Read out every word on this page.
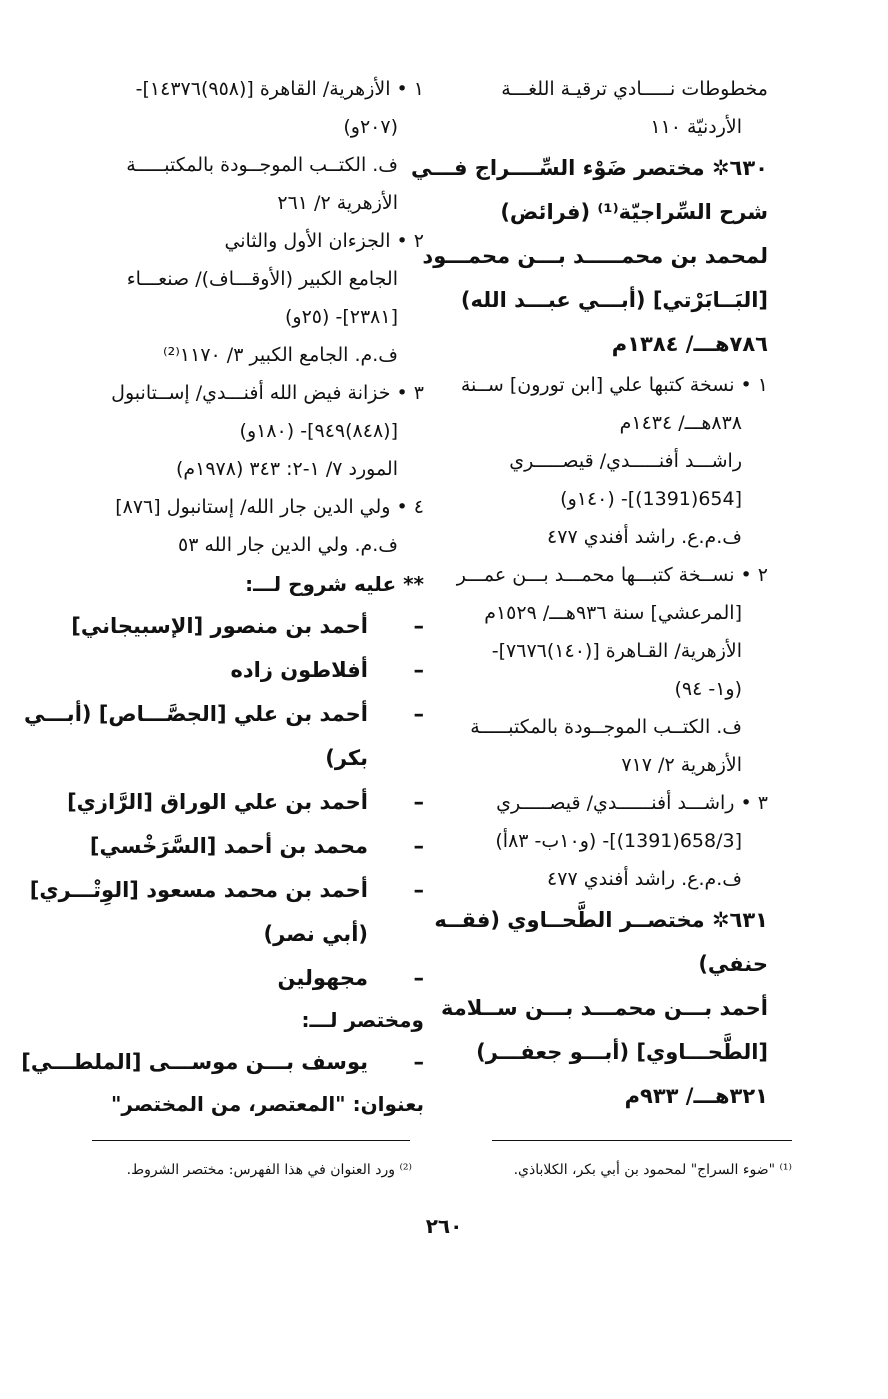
مخطوطات نـــــادي ترقيـة اللغـــة
الأردنيّة ١١٠
٦٣٠✲ مختصر ضَوْء السِّــــراج فـــي
شرح السِّراجيّة⁽¹⁾ (فرائض)
لمحمد بن محمـــــد بـــن محمـــود
[البَــابَرْتي] (أبـــي عبـــد الله)
٧٨٦هـــ/ ١٣٨٤م
١ • نسخة كتبها علي [ابن تورون] ســنة
٨٣٨هـــ/ ١٤٣٤م
راشـــد أفنـــــدي/ قيصـــــري
[654(1391)]- (١٤٠و)
ف.م.ع. راشد أفندي ٤٧٧
٢ • نســخة كتبـــها محمـــد بـــن عمـــر
[المرعشي] سنة ٩٣٦هـــ/ ١٥٢٩م
الأزهرية/ القـاهرة [(١٤٠)٧٦٧٦]-
(و١- ٩٤)
ف. الكتــب الموجــودة بالمكتبـــــة
الأزهرية ٢/ ٧١٧
٣ • راشـــد أفنــــــدي/ قيصـــــري
[658/3(1391)]- (و١٠ب- ٨٣أ)
ف.م.ع. راشد أفندي ٤٧٧
٦٣١✲ مختصــر الطَّحــاوي (فقــه
حنفي)
أحمد بـــن محمـــد بـــن ســلامة
[الطَّحـــاوي] (أبـــو جعفـــر)
٣٢١هـــ/ ٩٣٣م
١ • الأزهرية/ القاهرة [(٩٥٨)١٤٣٧٦]-
(٢٠٧و)
ف. الكتــب الموجــودة بالمكتبـــــة
الأزهرية ٢/ ٢٦١
٢ • الجزءان الأول والثاني
الجامع الكبير (الأوقـــاف)/ صنعـــاء
[٢٣٨١]- (٢٥و)
ف.م. الجامع الكبير ٣/ ١١٧٠⁽²⁾
٣ • خزانة فيض الله أفنـــدي/ إســتانبول
[(٨٤٨)٩٤٩]- (١٨٠و)
المورد ٧/ ١-٢: ٣٤٣ (١٩٧٨م)
٤ • ولي الدين جار الله/ إستانبول [٨٧٦]
ف.م. ولي الدين جار الله ٥٣
** عليه شروح لـــ:
–أحمد بن منصور [الإسبيجاني]
–أفلاطون زاده
–أحمد بن علي [الجصَّـــاص] (أبـــي
بكر)
–أحمد بن علي الوراق [الرَّازي]
–محمد بن أحمد [السَّرَخْسي]
–أحمد بن محمد مسعود [الوِتْـــري]
(أبي نصر)
–مجهولين
ومختصر لـــ:
–يوسف بـــن موســـى [الملطـــي]
بعنوان: "المعتصر، من المختصر"
⁽¹⁾ "ضوء السراج" لمحمود بن أبي بكر، الكلاباذي.
⁽²⁾ ورد العنوان في هذا الفهرس: مختصر الشروط.
٢٦٠
